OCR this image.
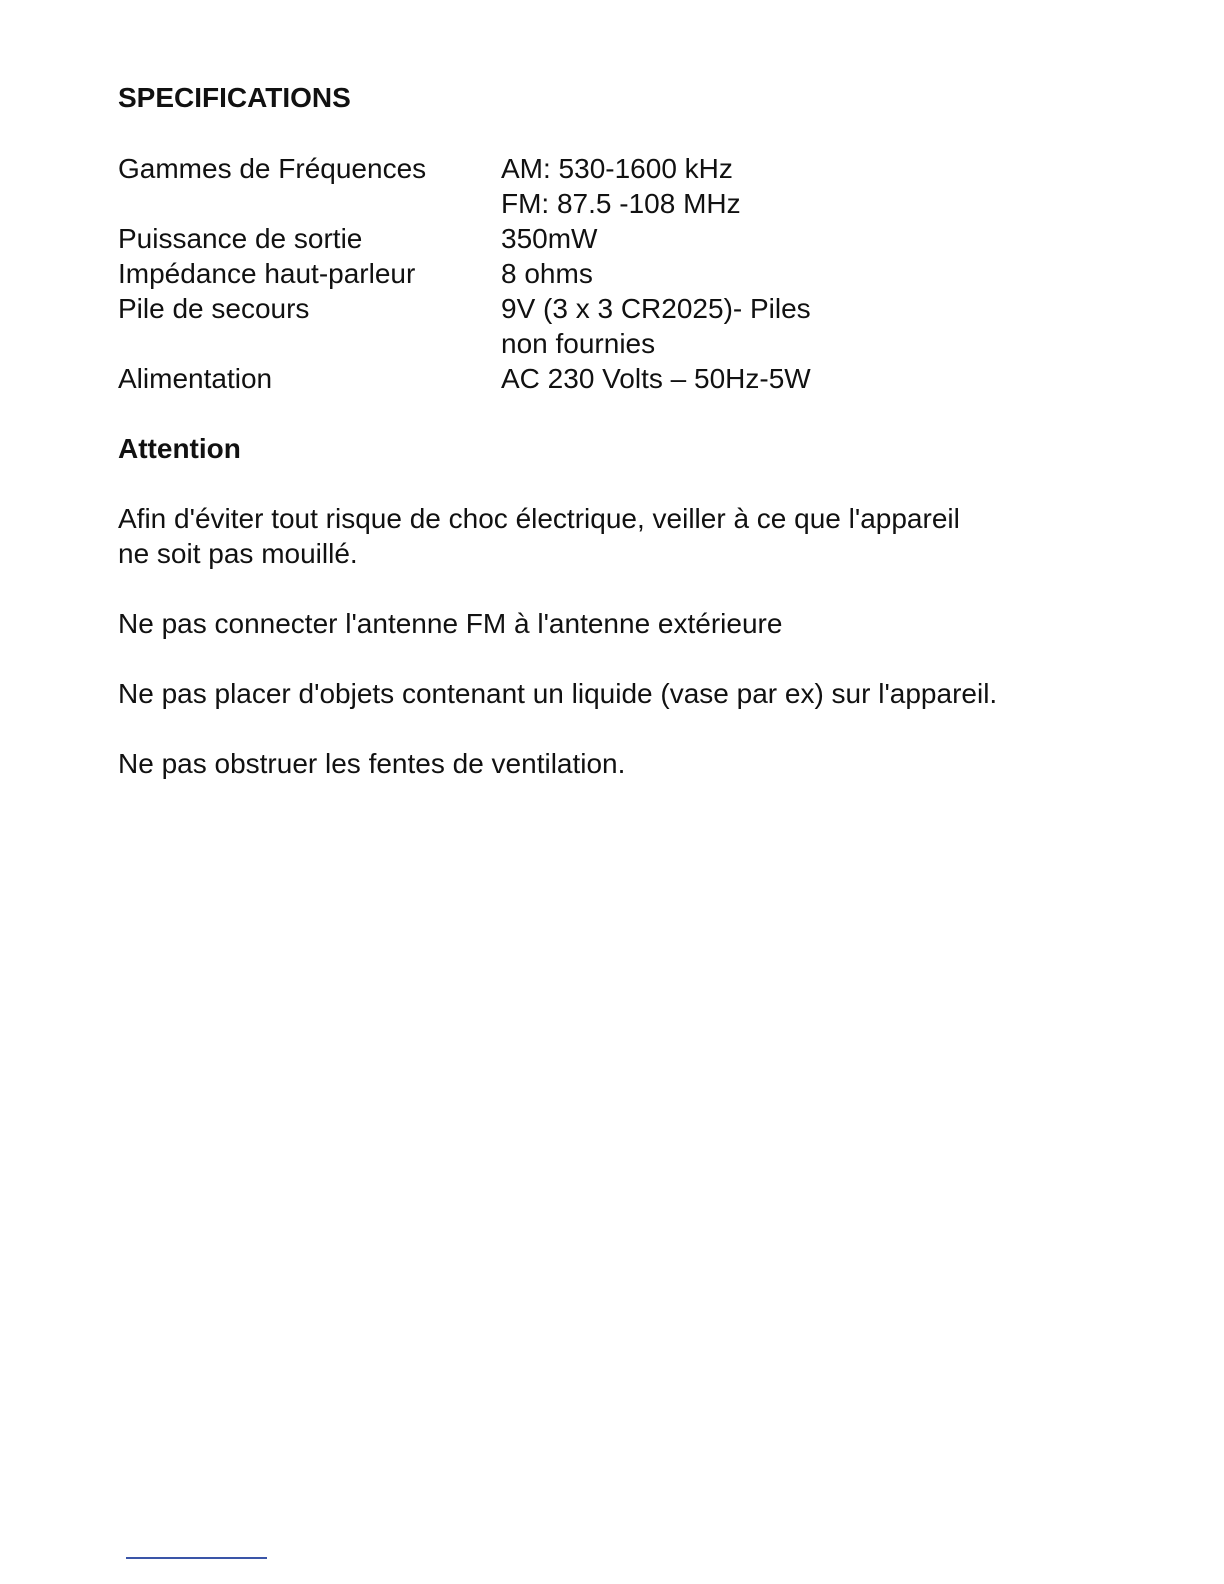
SPECIFICATIONS
Gammes de Fréquences	AM: 530-1600 kHz
FM: 87.5 -108 MHz

Puissance de sortie	350mW

Impédance haut-parleur	8 ohms

Pile de secours	9V (3 x 3 CR2025)- Piles
non fournies

Alimentation	AC 230 Volts – 50Hz-5W
Attention

Afin d'éviter tout risque de choc électrique, veiller à ce que l'appareil
ne soit pas mouillé.

Ne pas connecter l'antenne FM à l'antenne extérieure

Ne pas placer d'objets contenant un liquide (vase par ex) sur l'appareil.

Ne pas obstruer les fentes de ventilation.
